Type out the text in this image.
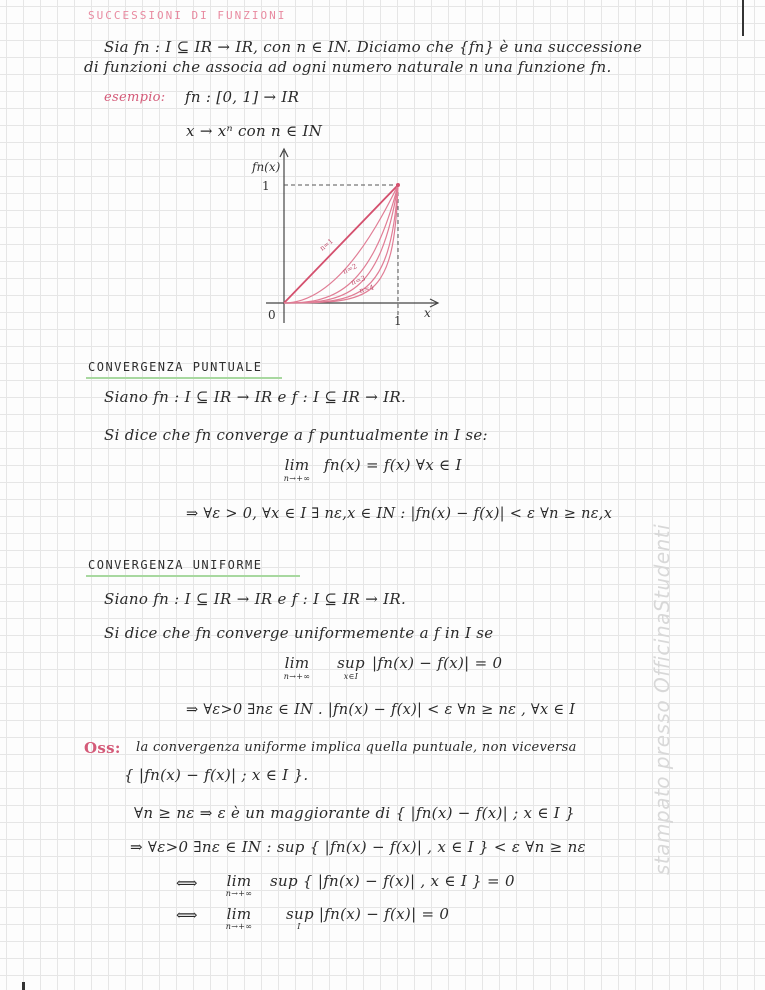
SUCCESSIONI DI FUNZIONI
Sia fn : I ⊆ IR → IR, con n ∈ IN. Diciamo che {fn} è una successione
di funzioni che associa ad ogni numero naturale n una funzione fn.
esempio: fn : [0, 1] → IR
x → xⁿ con n ∈ IN
fn(x)
x
0	1
1
n=1
n=2
n=3
n=4
CONVERGENZA PUNTUALE
Siano fn : I ⊆ IR → IR e f : I ⊆ IR → IR.
Si dice che fn converge a f puntualmente in I se:
lim
n→+∞
fn(x) = f(x) ∀x ∈ I
⇒ ∀ε > 0, ∀x ∈ I ∃ nε,x ∈ IN : |fn(x) − f(x)| < ε ∀n ≥ nε,x
CONVERGENZA UNIFORME
Siano fn : I ⊆ IR → IR e f : I ⊆ IR → IR.
Si dice che fn converge uniformemente a f in I se
lim
n→+∞
sup
x∈I
|fn(x) − f(x)| = 0
⇒ ∀ε>0 ∃nε ∈ IN . |fn(x) − f(x)| < ε ∀n ≥ nε , ∀x ∈ I
Oss: la convergenza uniforme implica quella puntuale, non viceversa
{ |fn(x) − f(x)| ; x ∈ I }.
∀n ≥ nε ⇒ ε è un maggiorante di { |fn(x) − f(x)| ; x ∈ I }
⇒ ∀ε>0 ∃nε ∈ IN : sup { |fn(x) − f(x)| , x ∈ I } < ε ∀n ≥ nε
⟺ lim
n→+∞
sup { |fn(x) − f(x)| , x ∈ I } = 0
⟺ lim
n→+∞
sup |fn(x) − f(x)| = 0
I
stampato presso OfficinaStudenti
